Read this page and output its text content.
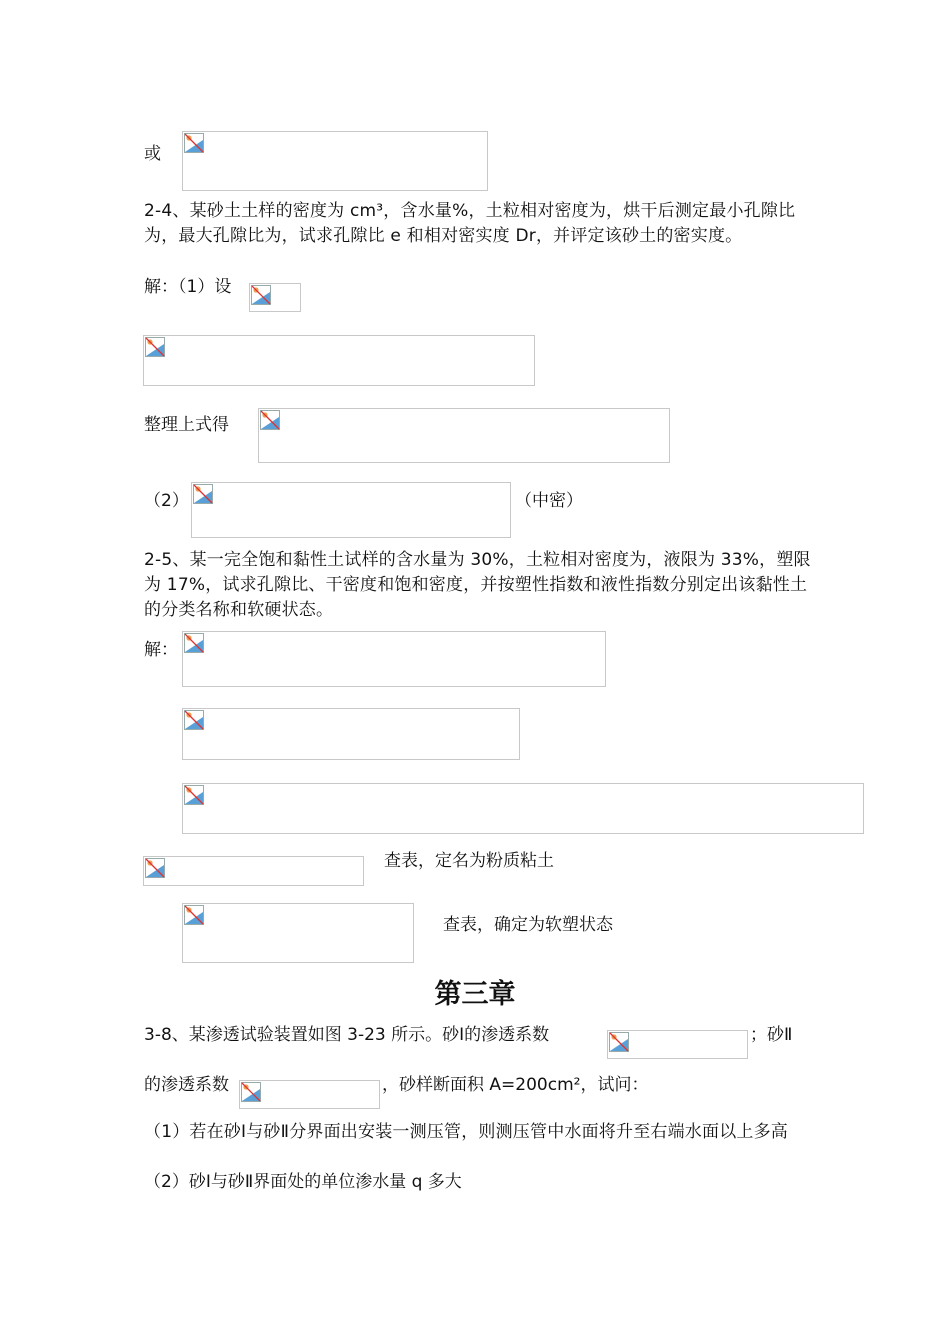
或

2-4、某砂土土样的密度为 cm³，含水量%，土粒相对密度为，烘干后测定最小孔隙比为，最大孔隙比为，试求孔隙比 e 和相对密实度 Dr，并评定该砂土的密实度。

解：（1）设

整理上式得

（2）	（中密）

2-5、某一完全饱和黏性土试样的含水量为 30%，土粒相对密度为，液限为 33%，塑限为 17%，试求孔隙比、干密度和饱和密度，并按塑性指数和液性指数分别定出该黏性土的分类名称和软硬状态。

解：

查表，定名为粉质粘土

查表，确定为软塑状态

第三章

3-8、某渗透试验装置如图 3-23 所示。砂Ⅰ的渗透系数	；砂Ⅱ

的渗透系数	，砂样断面积 A=200cm²，试问：

（1）若在砂Ⅰ与砂Ⅱ分界面出安装一测压管，则测压管中水面将升至右端水面以上多高

（2）砂Ⅰ与砂Ⅱ界面处的单位渗水量 q 多大
